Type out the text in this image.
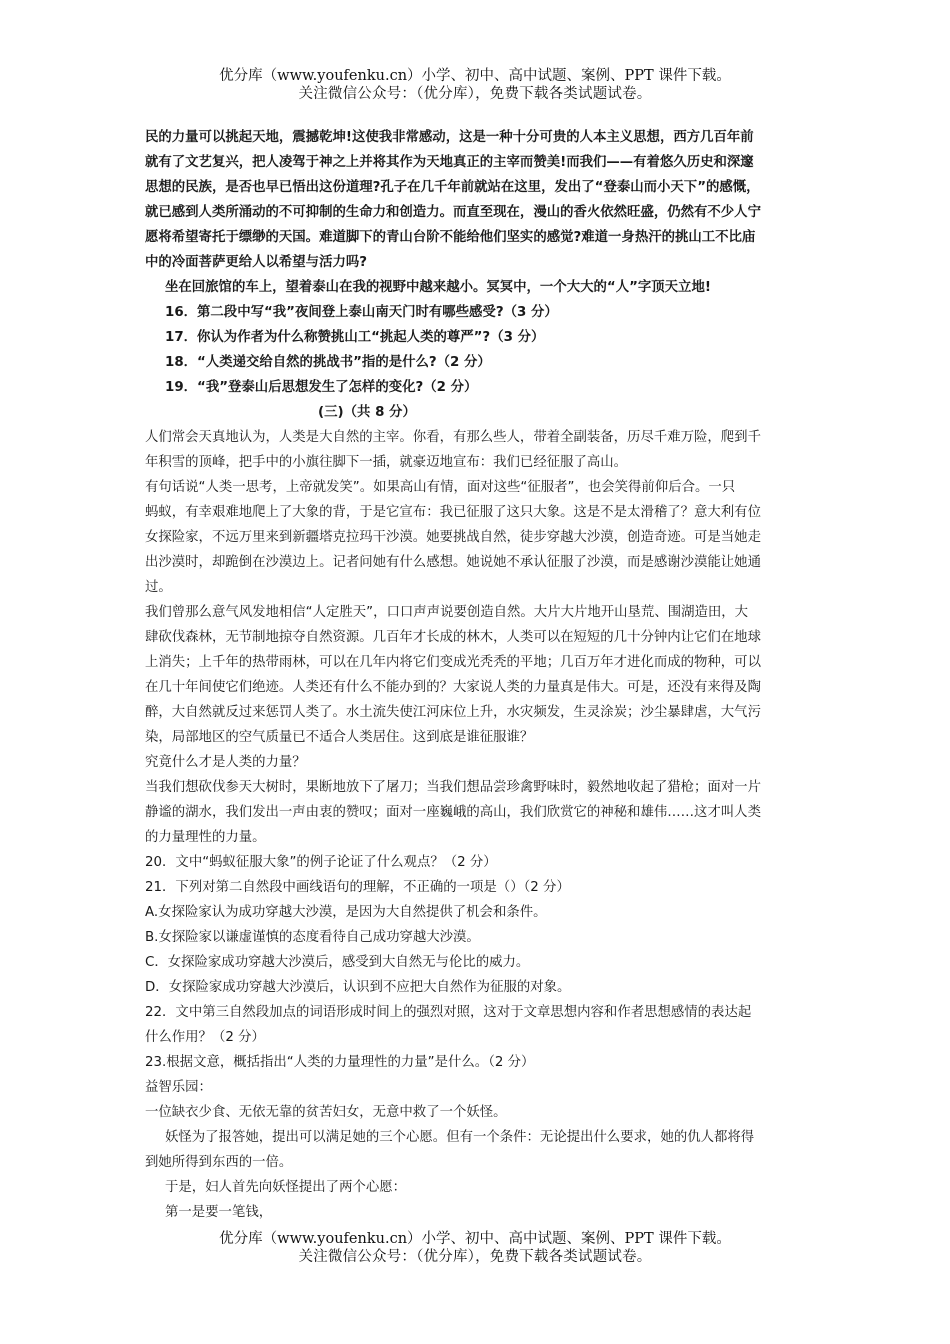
优分库（www.youfenku.cn）小学、初中、高中试题、案例、PPT 课件下载。

关注微信公众号：（优分库），免费下载各类试题试卷。

民的力量可以挑起天地，震撼乾坤!这使我非常感动，这是一种十分可贵的人本主义思想，西方几百年前
就有了文艺复兴，把人凌驾于神之上并将其作为天地真正的主宰而赞美!而我们——有着悠久历史和深邃
思想的民族，是否也早已悟出这份道理?孔子在几千年前就站在这里，发出了“登泰山而小天下”的感慨，
就已感到人类所涌动的不可抑制的生命力和创造力。而直至现在，漫山的香火依然旺盛，仍然有不少人宁
愿将希望寄托于缥缈的天国。难道脚下的青山台阶不能给他们坚实的感觉?难道一身热汗的挑山工不比庙
中的冷面菩萨更给人以希望与活力吗?
坐在回旅馆的车上，望着泰山在我的视野中越来越小。冥冥中，一个大大的“人”字顶天立地!
16．第二段中写“我”夜间登上泰山南天门时有哪些感受?（3 分）
17．你认为作者为什么称赞挑山工“挑起人类的尊严”?（3 分）
18．“人类递交给自然的挑战书”指的是什么?（2 分）
19．“我”登泰山后思想发生了怎样的变化?（2 分）
(三)（共 8 分）
人们常会天真地认为，人类是大自然的主宰。你看，有那么些人，带着全副装备，历尽千难万险，爬到千
年积雪的顶峰，把手中的小旗往脚下一插，就豪迈地宣布：我们已经征服了高山。
有句话说“人类一思考，上帝就发笑”。如果高山有情，面对这些“征服者”，也会笑得前仰后合。一只
蚂蚁，有幸艰难地爬上了大象的背，于是它宣布：我已征服了这只大象。这是不是太滑稽了？意大利有位
女探险家，不远万里来到新疆塔克拉玛干沙漠。她要挑战自然，徒步穿越大沙漠，创造奇迹。可是当她走
出沙漠时，却跪倒在沙漠边上。记者问她有什么感想。她说她不承认征服了沙漠，而是感谢沙漠能让她通
过。
我们曾那么意气风发地相信“人定胜天”，口口声声说要创造自然。大片大片地开山垦荒、围湖造田，大
肆砍伐森林，无节制地掠夺自然资源。几百年才长成的林木，人类可以在短短的几十分钟内让它们在地球
上消失；上千年的热带雨林，可以在几年内将它们变成光秃秃的平地；几百万年才进化而成的物种，可以
在几十年间使它们绝迹。人类还有什么不能办到的？大家说人类的力量真是伟大。可是，还没有来得及陶
醉，大自然就反过来惩罚人类了。水土流失使江河床位上升，水灾频发，生灵涂炭；沙尘暴肆虐，大气污
染，局部地区的空气质量已不适合人类居住。这到底是谁征服谁？
究竟什么才是人类的力量？
当我们想砍伐参天大树时，果断地放下了屠刀；当我们想品尝珍禽野味时，毅然地收起了猎枪；面对一片
静谧的湖水，我们发出一声由衷的赞叹；面对一座巍峨的高山，我们欣赏它的神秘和雄伟……这才叫人类
的力量理性的力量。
20．文中“蚂蚁征服大象”的例子论证了什么观点？（2 分）
21．下列对第二自然段中画线语句的理解，不正确的一项是（）（2 分）
A.女探险家认为成功穿越大沙漠，是因为大自然提供了机会和条件。
B.女探险家以谦虚谨慎的态度看待自己成功穿越大沙漠。
C．女探险家成功穿越大沙漠后，感受到大自然无与伦比的威力。
D．女探险家成功穿越大沙漠后，认识到不应把大自然作为征服的对象。
22．文中第三自然段加点的词语形成时间上的强烈对照，这对于文章思想内容和作者思想感情的表达起
什么作用？（2 分）
23.根据文意，概括指出“人类的力量理性的力量”是什么。（2 分）
益智乐园：
一位缺衣少食、无依无靠的贫苦妇女，无意中救了一个妖怪。
妖怪为了报答她，提出可以满足她的三个心愿。但有一个条件：无论提出什么要求，她的仇人都将得
到她所得到东西的一倍。
于是，妇人首先向妖怪提出了两个心愿：
第一是要一笔钱，

优分库（www.youfenku.cn）小学、初中、高中试题、案例、PPT 课件下载。

关注微信公众号：（优分库），免费下载各类试题试卷。
